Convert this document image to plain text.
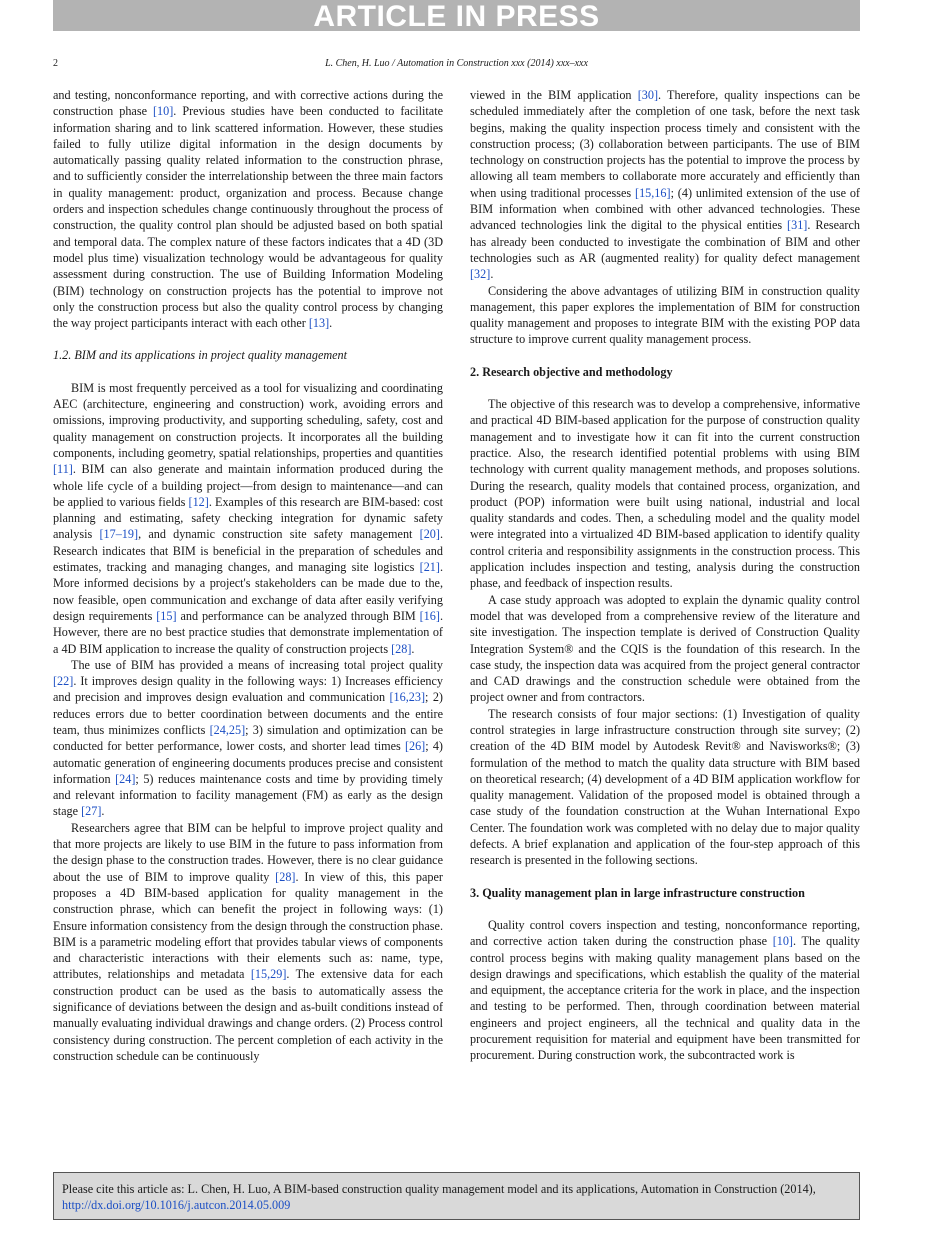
ARTICLE IN PRESS
2	L. Chen, H. Luo / Automation in Construction xxx (2014) xxx–xxx

and testing, nonconformance reporting, and with corrective actions during the construction phase [10]. Previous studies have been conducted to facilitate information sharing and to link scattered information. However, these studies failed to fully utilize digital information in the design documents by automatically passing quality related information to the construction phrase, and to sufficiently consider the interrelationship between the three main factors in quality management: product, organization and process. Because change orders and inspection schedules change continuously throughout the process of construction, the quality control plan should be adjusted based on both spatial and temporal data. The complex nature of these factors indicates that a 4D (3D model plus time) visualization technology would be advantageous for quality assessment during construction. The use of Building Information Modeling (BIM) technology on construction projects has the potential to improve not only the construction process but also the quality control process by changing the way project participants interact with each other [13].

1.2. BIM and its applications in project quality management

BIM is most frequently perceived as a tool for visualizing and coordinating AEC (architecture, engineering and construction) work, avoiding errors and omissions, improving productivity, and supporting scheduling, safety, cost and quality management on construction projects. It incorporates all the building components, including geometry, spatial relationships, properties and quantities [11]. BIM can also generate and maintain information produced during the whole life cycle of a building project—from design to maintenance—and can be applied to various fields [12]. Examples of this research are BIM-based: cost planning and estimating, safety checking integration for dynamic safety analysis [17–19], and dynamic construction site safety management [20]. Research indicates that BIM is beneficial in the preparation of schedules and estimates, tracking and managing changes, and managing site logistics [21]. More informed decisions by a project's stakeholders can be made due to the, now feasible, open communication and exchange of data after easily verifying design requirements [15] and performance can be analyzed through BIM [16]. However, there are no best practice studies that demonstrate implementation of a 4D BIM application to increase the quality of construction projects [28].

The use of BIM has provided a means of increasing total project quality [22]. It improves design quality in the following ways: 1) Increases efficiency and precision and improves design evaluation and communication [16,23]; 2) reduces errors due to better coordination between documents and the entire team, thus minimizes conflicts [24,25]; 3) simulation and optimization can be conducted for better performance, lower costs, and shorter lead times [26]; 4) automatic generation of engineering documents produces precise and consistent information [24]; 5) reduces maintenance costs and time by providing timely and relevant information to facility management (FM) as early as the design stage [27].

Researchers agree that BIM can be helpful to improve project quality and that more projects are likely to use BIM in the future to pass information from the design phase to the construction trades. However, there is no clear guidance about the use of BIM to improve quality [28]. In view of this, this paper proposes a 4D BIM-based application for quality management in the construction phrase, which can benefit the project in following ways: (1) Ensure information consistency from the design through the construction phase. BIM is a parametric modeling effort that provides tabular views of components and characteristic interactions with their elements such as: name, type, attributes, relationships and metadata [15,29]. The extensive data for each construction product can be used as the basis to automatically assess the significance of deviations between the design and as-built conditions instead of manually evaluating individual drawings and change orders. (2) Process control consistency during construction. The percent completion of each activity in the construction schedule can be continuously

viewed in the BIM application [30]. Therefore, quality inspections can be scheduled immediately after the completion of one task, before the next task begins, making the quality inspection process timely and consistent with the construction process; (3) collaboration between participants. The use of BIM technology on construction projects has the potential to improve the process by allowing all team members to collaborate more accurately and efficiently than when using traditional processes [15,16]; (4) unlimited extension of the use of BIM information when combined with other advanced technologies. These advanced technologies link the digital to the physical entities [31]. Research has already been conducted to investigate the combination of BIM and other technologies such as AR (augmented reality) for quality defect management [32].

Considering the above advantages of utilizing BIM in construction quality management, this paper explores the implementation of BIM for construction quality management and proposes to integrate BIM with the existing POP data structure to improve current quality management process.

2. Research objective and methodology

The objective of this research was to develop a comprehensive, informative and practical 4D BIM-based application for the purpose of construction quality management and to investigate how it can fit into the current construction practice. Also, the research identified potential problems with using BIM technology with current quality management methods, and proposes solutions. During the research, quality models that contained process, organization, and product (POP) information were built using national, industrial and local quality standards and codes. Then, a scheduling model and the quality model were integrated into a virtualized 4D BIM-based application to identify quality control criteria and responsibility assignments in the construction process. This application includes inspection and testing, analysis during the construction phase, and feedback of inspection results.

A case study approach was adopted to explain the dynamic quality control model that was developed from a comprehensive review of the literature and site investigation. The inspection template is derived of Construction Quality Integration System® and the CQIS is the foundation of this research. In the case study, the inspection data was acquired from the project general contractor and CAD drawings and the construction schedule were obtained from the project owner and from contractors.

The research consists of four major sections: (1) Investigation of quality control strategies in large infrastructure construction through site survey; (2) creation of the 4D BIM model by Autodesk Revit® and Navisworks®; (3) formulation of the method to match the quality data structure with BIM based on theoretical research; (4) development of a 4D BIM application workflow for quality management. Validation of the proposed model is obtained through a case study of the foundation construction at the Wuhan International Expo Center. The foundation work was completed with no delay due to major quality defects. A brief explanation and application of the four-step approach of this research is presented in the following sections.

3. Quality management plan in large infrastructure construction

Quality control covers inspection and testing, nonconformance reporting, and corrective action taken during the construction phase [10]. The quality control process begins with making quality management plans based on the design drawings and specifications, which establish the quality of the material and equipment, the acceptance criteria for the work in place, and the inspection and testing to be performed. Then, through coordination between material engineers and project engineers, all the technical and quality data in the procurement requisition for material and equipment have been transmitted for procurement. During construction work, the subcontracted work is

Please cite this article as: L. Chen, H. Luo, A BIM-based construction quality management model and its applications, Automation in Construction (2014), http://dx.doi.org/10.1016/j.autcon.2014.05.009
